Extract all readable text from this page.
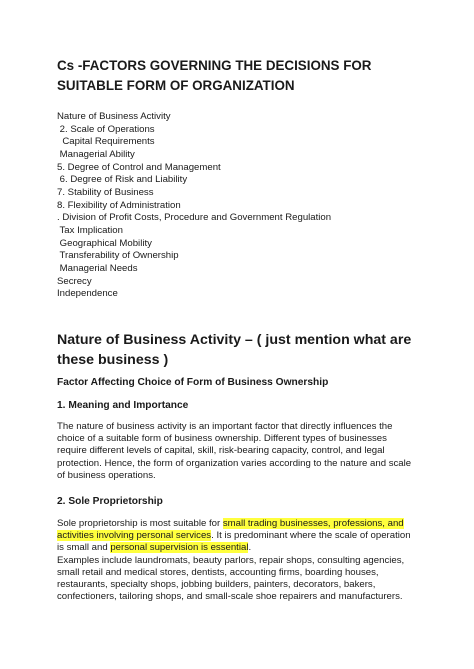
Cs -FACTORS GOVERNING THE DECISIONS FOR SUITABLE FORM OF ORGANIZATION
Nature of Business Activity
2. Scale of Operations
Capital Requirements
Managerial Ability
5. Degree of Control and Management
6. Degree of Risk and Liability
7. Stability of Business
8. Flexibility of Administration
. Division of Profit Costs, Procedure and Government Regulation
Tax Implication
Geographical Mobility
Transferability of Ownership
Managerial Needs
Secrecy
Independence
Nature of Business Activity – ( just mention what are these business )
Factor Affecting Choice of Form of Business Ownership
1. Meaning and Importance

The nature of business activity is an important factor that directly influences the choice of a suitable form of business ownership. Different types of businesses require different levels of capital, skill, risk-bearing capacity, control, and legal protection. Hence, the form of organization varies according to the nature and scale of business operations.

2. Sole Proprietorship

Sole proprietorship is most suitable for small trading businesses, professions, and activities involving personal services. It is predominant where the scale of operation is small and personal supervision is essential.
Examples include laundromats, beauty parlors, repair shops, consulting agencies, small retail and medical stores, dentists, accounting firms, boarding houses, restaurants, specialty shops, jobbing builders, painters, decorators, bakers, confectioners, tailoring shops, and small-scale shoe repairers and manufacturers.
